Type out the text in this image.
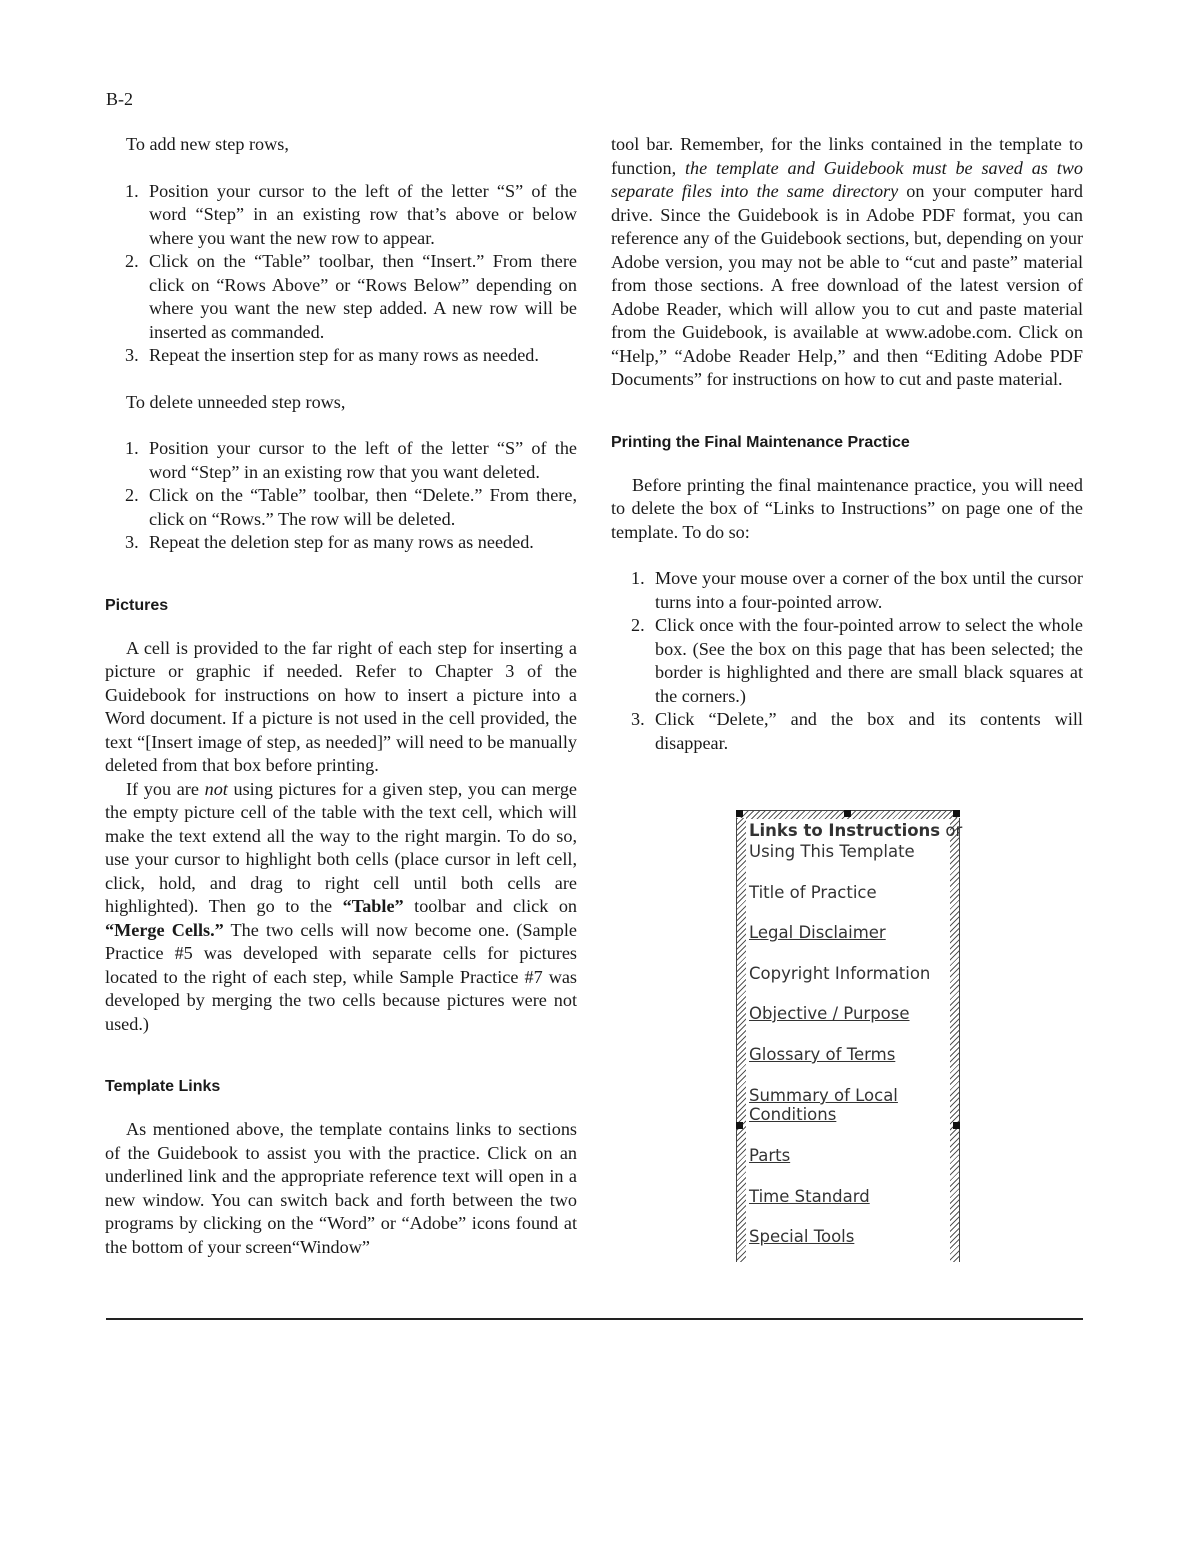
B-2

To add new step rows,

1. Position your cursor to the left of the letter “S” of the word “Step” in an existing row that’s above or below where you want the new row to appear.
2. Click on the “Table” toolbar, then “Insert.” From there click on “Rows Above” or “Rows Below” depending on where you want the new step added. A new row will be inserted as commanded.
3. Repeat the insertion step for as many rows as needed.

To delete unneeded step rows,

1. Position your cursor to the left of the letter “S” of the word “Step” in an existing row that you want deleted.
2. Click on the “Table” toolbar, then “Delete.” From there, click on “Rows.” The row will be deleted.
3. Repeat the deletion step for as many rows as needed.

Pictures

A cell is provided to the far right of each step for inserting a picture or graphic if needed. Refer to Chapter 3 of the Guidebook for instructions on how to insert a picture into a Word document. If a picture is not used in the cell provided, the text “[Insert image of step, as needed]” will need to be manually deleted from that box before printing.

If you are not using pictures for a given step, you can merge the empty picture cell of the table with the text cell, which will make the text extend all the way to the right margin. To do so, use your cursor to highlight both cells (place cursor in left cell, click, hold, and drag to right cell until both cells are highlighted). Then go to the “Table” toolbar and click on “Merge Cells.” The two cells will now become one. (Sample Practice #5 was developed with separate cells for pictures located to the right of each step, while Sample Practice #7 was developed by merging the two cells because pictures were not used.)

Template Links

As mentioned above, the template contains links to sections of the Guidebook to assist you with the practice. Click on an underlined link and the appropriate reference text will open in a new window. You can switch back and forth between the two programs by clicking on the “Word” or “Adobe” icons found at the bottom of your screen“Window”

tool bar. Remember, for the links contained in the template to function, the template and Guidebook must be saved as two separate files into the same directory on your computer hard drive. Since the Guidebook is in Adobe PDF format, you can reference any of the Guidebook sections, but, depending on your Adobe version, you may not be able to “cut and paste” material from those sections. A free download of the latest version of Adobe Reader, which will allow you to cut and paste material from the Guidebook, is available at www.adobe.com. Click on “Help,” “Adobe Reader Help,” and then “Editing Adobe PDF Documents” for instructions on how to cut and paste material.

Printing the Final Maintenance Practice

Before printing the final maintenance practice, you will need to delete the box of “Links to Instructions” on page one of the template. To do so:

1. Move your mouse over a corner of the box until the cursor turns into a four-pointed arrow.
2. Click once with the four-pointed arrow to select the whole box. (See the box on this page that has been selected; the border is highlighted and there are small black squares at the corners.)
3. Click “Delete,” and the box and its contents will disappear.
Links to Instructions or
Using This Template
Title of Practice
Legal Disclaimer
Copyright Information
Objective / Purpose
Glossary of Terms
Summary of Local
Conditions
Parts
Time Standard
Special Tools
